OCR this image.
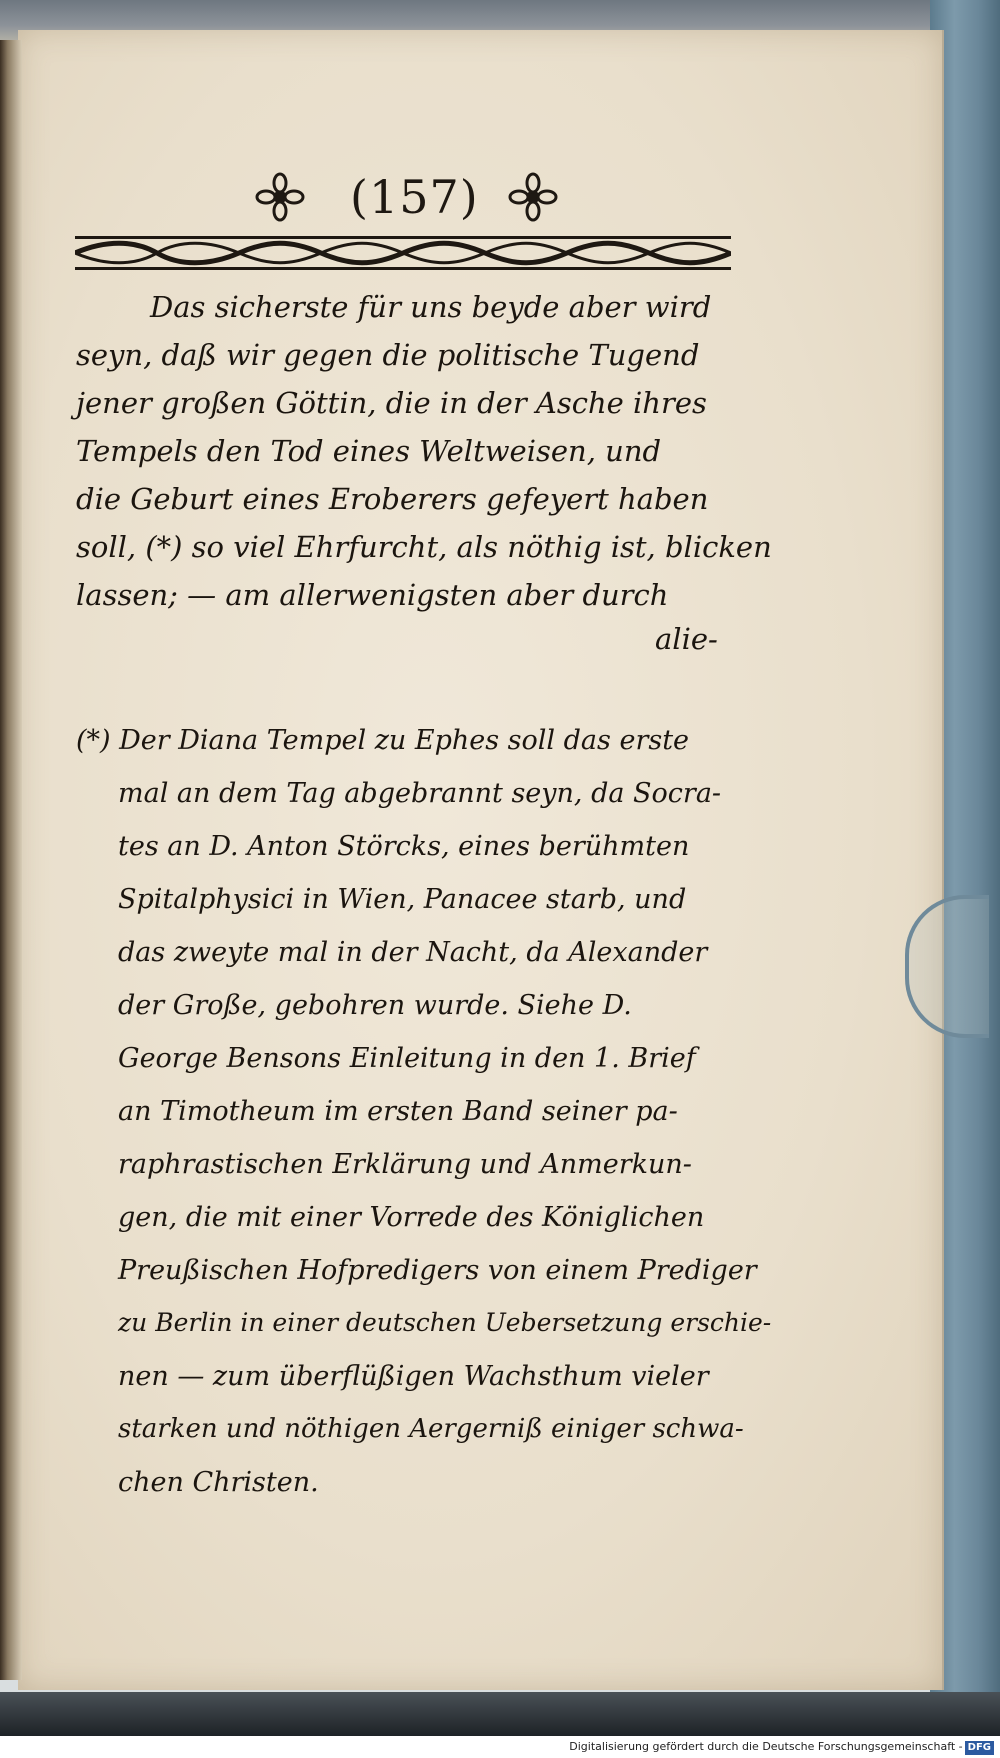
(157)

Das sicherste für uns beyde aber wird

seyn, daß wir gegen die politische Tugend

jener großen Göttin, die in der Asche ihres

Tempels den Tod eines Weltweisen, und

die Geburt eines Eroberers gefeyert haben

soll, (*) so viel Ehrfurcht, als nöthig ist, blicken

lassen; — am allerwenigsten aber durch

alie-

(*) Der Diana Tempel zu Ephes soll das erste

mal an dem Tag abgebrannt seyn, da Socra-

tes an D. Anton Störcks, eines berühmten

Spitalphysici in Wien, Panacee starb, und

das zweyte mal in der Nacht, da Alexander

der Große, gebohren wurde. Siehe D.

George Bensons Einleitung in den 1. Brief

an Timotheum im ersten Band seiner pa-

raphrastischen Erklärung und Anmerkun-

gen, die mit einer Vorrede des Königlichen

Preußischen Hofpredigers von einem Prediger

zu Berlin in einer deutschen Uebersetzung erschie-

nen — zum überflüßigen Wachsthum vieler

starken und nöthigen Aergerniß einiger schwa-

chen Christen.

Digitalisierung gefördert durch die Deutsche Forschungsgemeinschaft - DFG
